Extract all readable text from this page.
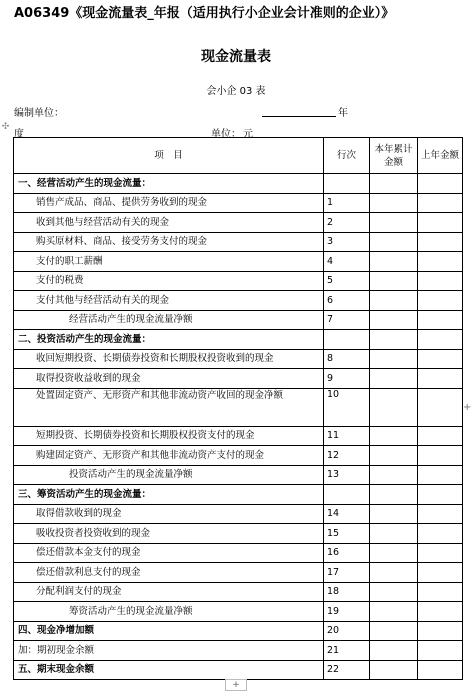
A06349《现金流量表_年报（适用执行小企业会计准则的企业）》
现金流量表
会小企 03 表
编制单位：	年
✣
度	单位： 元
项　目	行次	本年累计金额	上年金额
一、经营活动产生的现金流量：			
销售产成品、商品、提供劳务收到的现金	1		
收到其他与经营活动有关的现金	2		
购买原材料、商品、接受劳务支付的现金	3		
支付的职工薪酬	4		
支付的税费	5		
支付其他与经营活动有关的现金	6		
经营活动产生的现金流量净额	7		
二、投资活动产生的现金流量：			
收回短期投资、长期债券投资和长期股权投资收到的现金	8		
取得投资收益收到的现金	9		
处置固定资产、无形资产和其他非流动资产收回的现金净额	10		
短期投资、长期债券投资和长期股权投资支付的现金	11		
购建固定资产、无形资产和其他非流动资产支付的现金	12		
投资活动产生的现金流量净额	13		
三、筹资活动产生的现金流量：			
取得借款收到的现金	14		
吸收投资者投资收到的现金	15		
偿还借款本金支付的现金	16		
偿还借款利息支付的现金	17		
分配利润支付的现金	18		
筹资活动产生的现金流量净额	19		
四、现金净增加额	20		
加：期初现金余额	21		
五、期末现金余额	22		
+
+
